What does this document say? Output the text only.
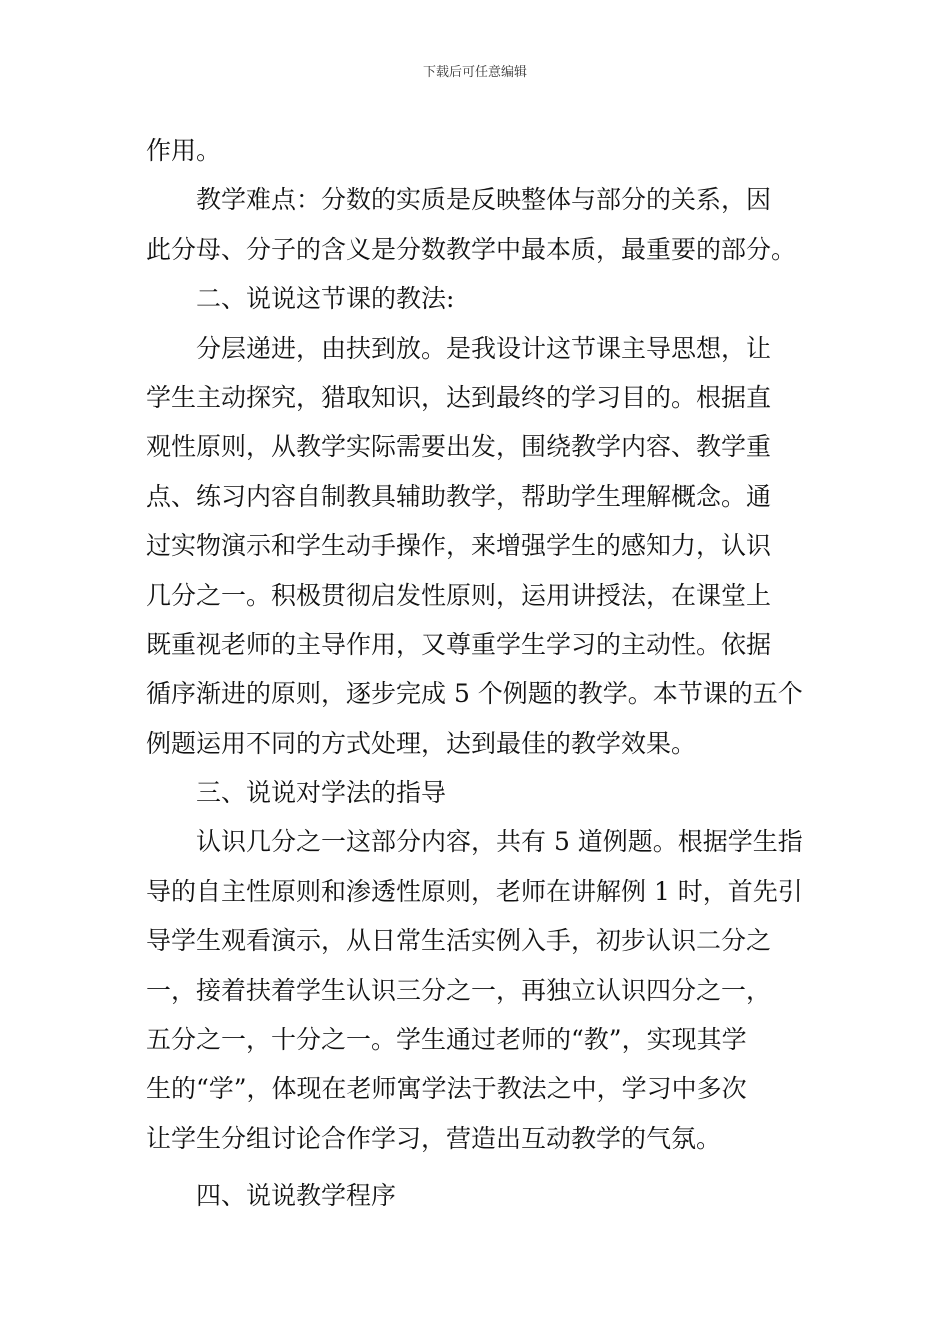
下载后可任意编辑
作用。
教学难点：分数的实质是反映整体与部分的关系，因
此分母、分子的含义是分数教学中最本质，最重要的部分。
二、说说这节课的教法:
分层递进，由扶到放。是我设计这节课主导思想，让
学生主动探究，猎取知识，达到最终的学习目的。根据直
观性原则，从教学实际需要出发，围绕教学内容、教学重
点、练习内容自制教具辅助教学，帮助学生理解概念。通
过实物演示和学生动手操作，来增强学生的感知力，认识
几分之一。积极贯彻启发性原则，运用讲授法，在课堂上
既重视老师的主导作用，又尊重学生学习的主动性。依据
循序渐进的原则，逐步完成 5 个例题的教学。本节课的五个
例题运用不同的方式处理，达到最佳的教学效果。
三、说说对学法的指导
认识几分之一这部分内容，共有 5 道例题。根据学生指
导的自主性原则和渗透性原则，老师在讲解例 1 时，首先引
导学生观看演示，从日常生活实例入手，初步认识二分之
一，接着扶着学生认识三分之一，再独立认识四分之一，
五分之一，十分之一。学生通过老师的“教”，实现其学
生的“学”，体现在老师寓学法于教法之中，学习中多次
让学生分组讨论合作学习，营造出互动教学的气氛。
四、说说教学程序
